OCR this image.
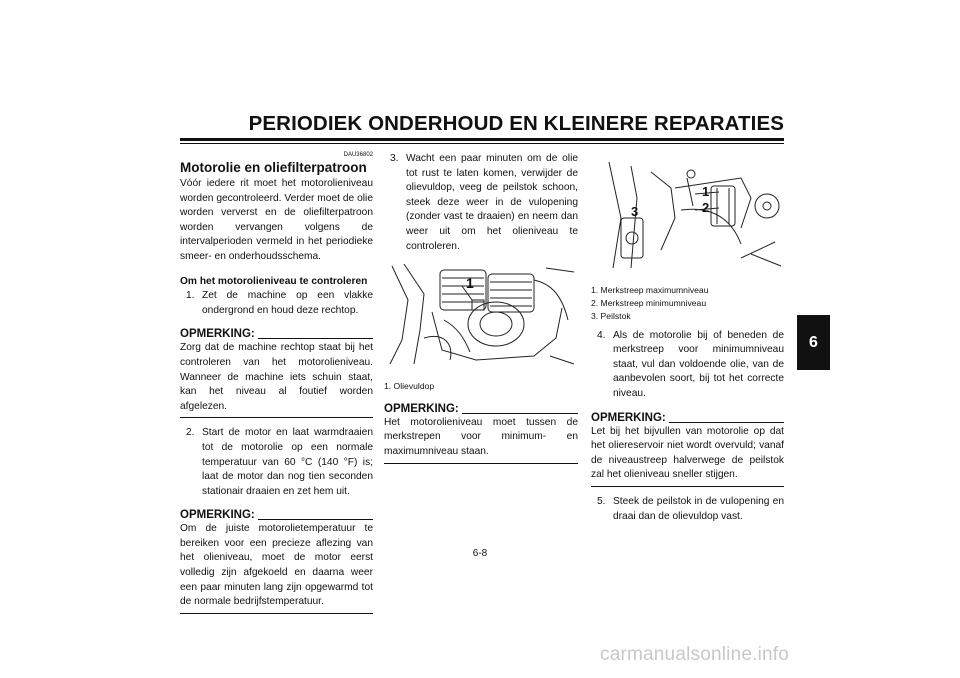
PERIODIEK ONDERHOUD EN KLEINERE REPARATIES
6
DAU36802
Motorolie en oliefilterpatroon
Vóór iedere rit moet het motorolieniveau worden gecontroleerd. Verder moet de olie worden ververst en de oliefilterpatroon worden vervangen volgens de intervalperioden vermeld in het periodieke smeer- en onderhoudsschema.
Om het motorolieniveau te controleren
1. Zet de machine op een vlakke ondergrond en houd deze rechtop.
OPMERKING:
Zorg dat de machine rechtop staat bij het controleren van het motorolieniveau. Wanneer de machine iets schuin staat, kan het niveau al foutief worden afgelezen.
2. Start de motor en laat warmdraaien tot de motorolie op een normale temperatuur van 60 °C (140 °F) is; laat de motor dan nog tien seconden stationair draaien en zet hem uit.
OPMERKING:
Om de juiste motorolietemperatuur te bereiken voor een precieze aflezing van het olieniveau, moet de motor eerst volledig zijn afgekoeld en daarna weer een paar minuten lang zijn opgewarmd tot de normale bedrijfstemperatuur.
3. Wacht een paar minuten om de olie tot rust te laten komen, verwijder de olievuldop, veeg de peilstok schoon, steek deze weer in de vulopening (zonder vast te draaien) en neem dan weer uit om het olieniveau te controleren.
1
1. Olievuldop
OPMERKING:
Het motorolieniveau moet tussen de merkstrepen voor minimum- en maximumniveau staan.
1
2
3
1. Merkstreep maximumniveau
2. Merkstreep minimumniveau
3. Peilstok
4. Als de motorolie bij of beneden de merkstreep voor minimumniveau staat, vul dan voldoende olie, van de aanbevolen soort, bij tot het correcte niveau.
OPMERKING:
Let bij het bijvullen van motorolie op dat het oliereservoir niet wordt overvuld; vanaf de niveaustreep halverwege de peilstok zal het olieniveau sneller stijgen.
5. Steek de peilstok in de vulopening en draai dan de olievuldop vast.
6-8
carmanualsonline.info
